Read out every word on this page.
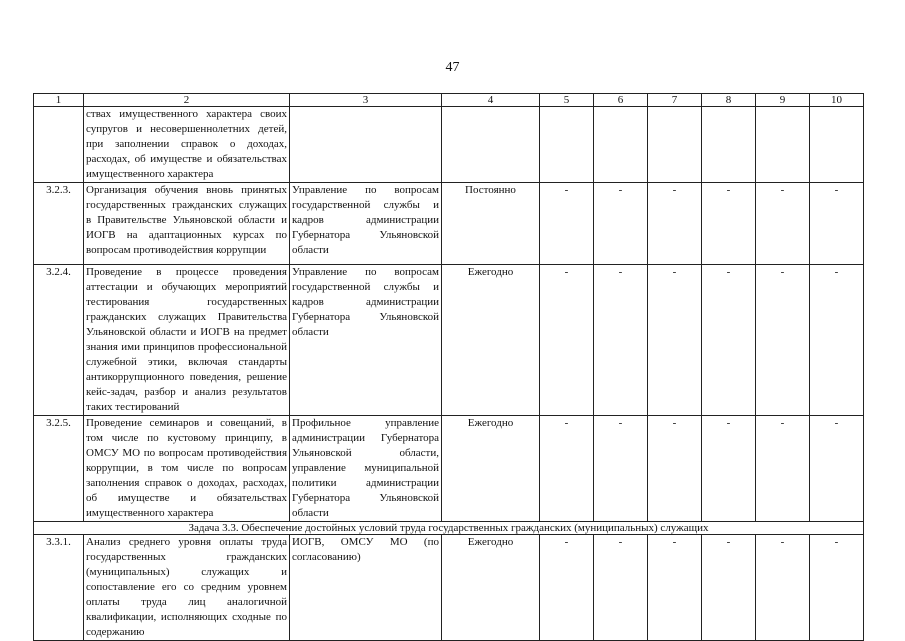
47
1	2	3	4	5	6	7	8	9	10
	ствах имущественного характера своих супругов и несовершеннолетних детей, при заполнении справок о доходах, расходах, об имуществе и обязательствах имущественного характера								
3.2.3.	Организация обучения вновь принятых государственных гражданских служащих в Правительстве Ульяновской области и ИОГВ на адаптационных курсах по вопросам противодействия коррупции	Управление по вопросам государственной службы и кадров администрации Губернатора Ульяновской области	Постоянно	-	-	-	-	-	-
3.2.4.	Проведение в процессе проведения аттестации и обучающих мероприятий тестирования государственных гражданских служащих Правительства Ульяновской области и ИОГВ на предмет знания ими принципов профессиональной служебной этики, включая стандарты антикоррупционного поведения, решение кейс-задач, разбор и анализ результатов таких тестирований	Управление по вопросам государственной службы и кадров администрации Губернатора Ульяновской области	Ежегодно	-	-	-	-	-	-
3.2.5.	Проведение семинаров и совещаний, в том числе по кустовому принципу, в ОМСУ МО по вопросам противодействия коррупции, в том числе по вопросам заполнения справок о доходах, расходах, об имуществе и обязательствах имущественного характера	Профильное управление администрации Губернатора Ульяновской области, управление муниципальной политики администрации Губернатора Ульяновской области	Ежегодно	-	-	-	-	-	-
Задача 3.3. Обеспечение достойных условий труда государственных гражданских (муниципальных) служащих									
3.3.1.	Анализ среднего уровня оплаты труда государственных гражданских (муниципальных) служащих и сопоставление его со средним уровнем оплаты труда лиц аналогичной квалификации, исполняющих сходные по содержанию	ИОГВ, ОМСУ МО (по согласованию)	Ежегодно	-	-	-	-	-	-
